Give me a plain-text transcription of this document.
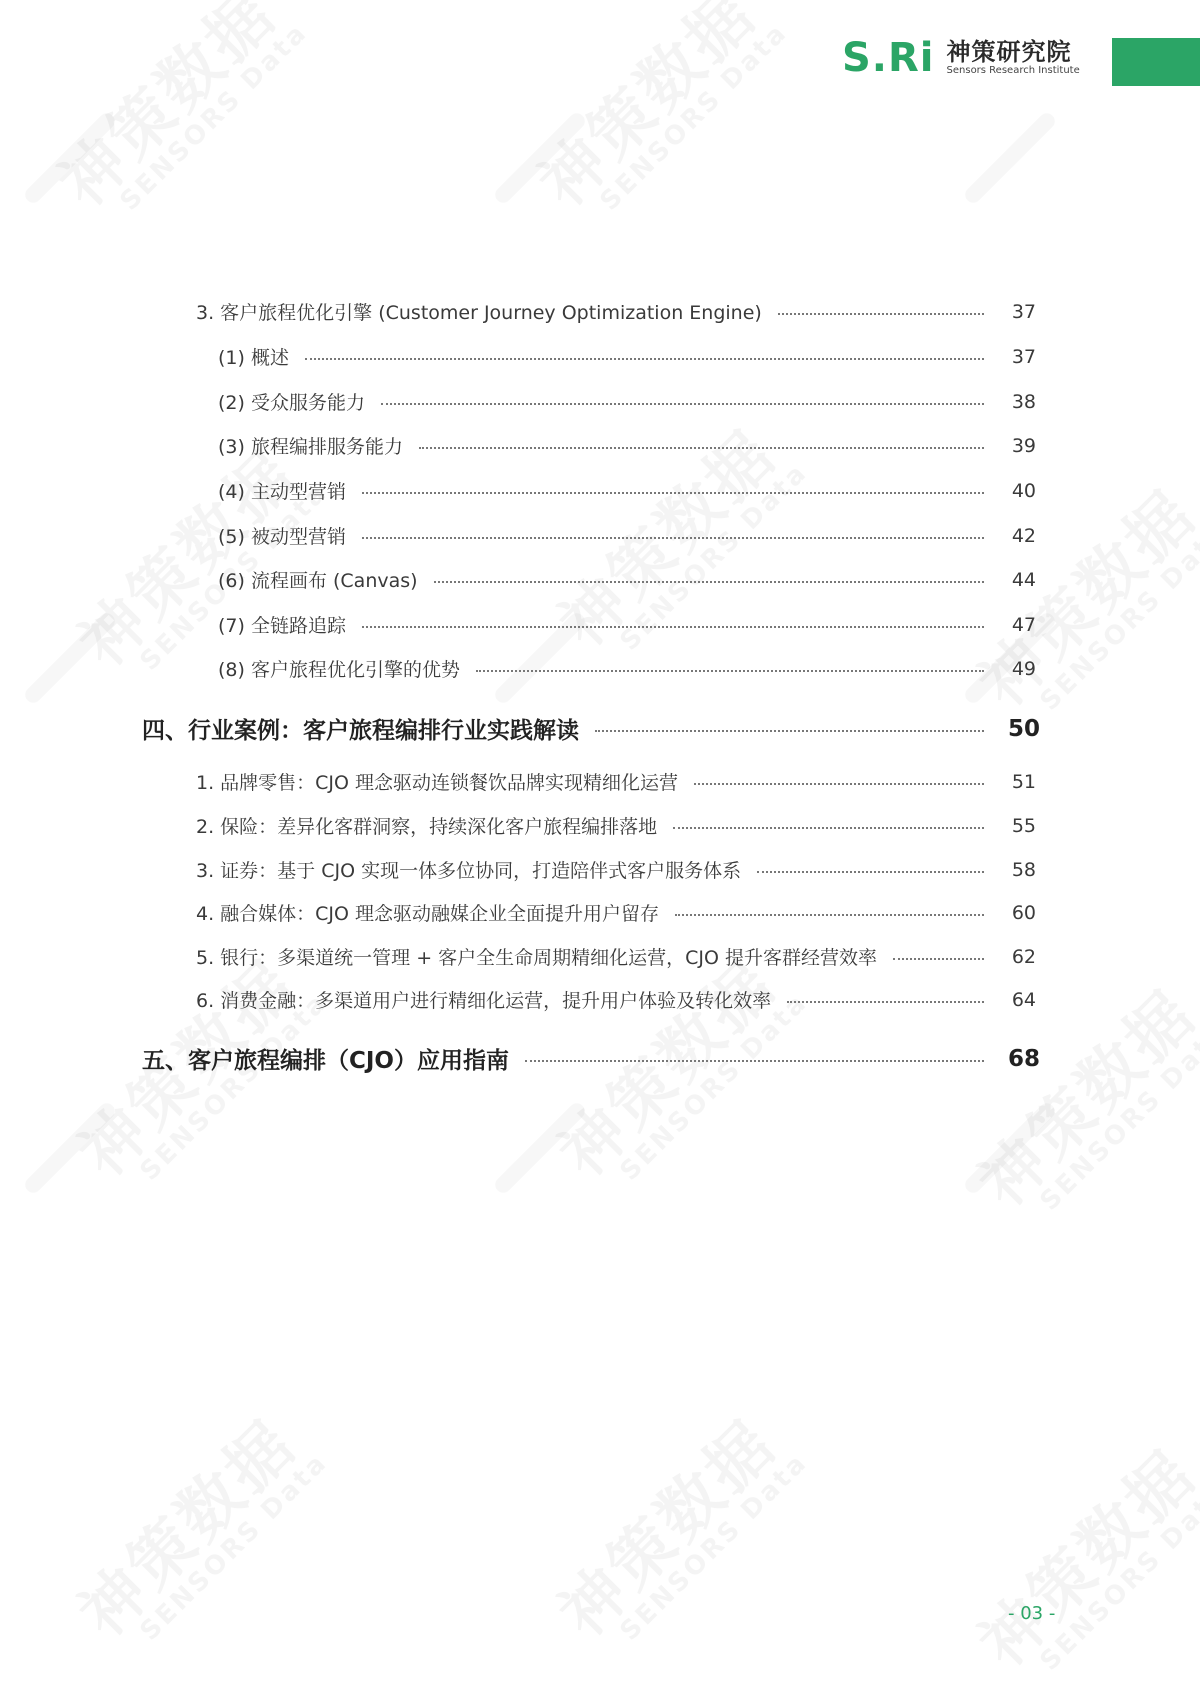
S.Ri 神策研究院
Sensors Research Institute
3. 客户旅程优化引擎 (Customer Journey Optimization Engine)	37
(1) 概述	37
(2) 受众服务能力	38
(3) 旅程编排服务能力	39
(4) 主动型营销	40
(5) 被动型营销	42
(6) 流程画布 (Canvas)	44
(7) 全链路追踪	47
(8) 客户旅程优化引擎的优势	49
四、行业案例：客户旅程编排行业实践解读	50
1. 品牌零售：CJO 理念驱动连锁餐饮品牌实现精细化运营	51
2. 保险：差异化客群洞察，持续深化客户旅程编排落地	55
3. 证券：基于 CJO 实现一体多位协同，打造陪伴式客户服务体系	58
4. 融合媒体：CJO 理念驱动融媒企业全面提升用户留存	60
5. 银行：多渠道统一管理 + 客户全生命周期精细化运营，CJO 提升客群经营效率	62
6. 消费金融：多渠道用户进行精细化运营，提升用户体验及转化效率	64
五、客户旅程编排（CJO）应用指南	68
- 03 -
